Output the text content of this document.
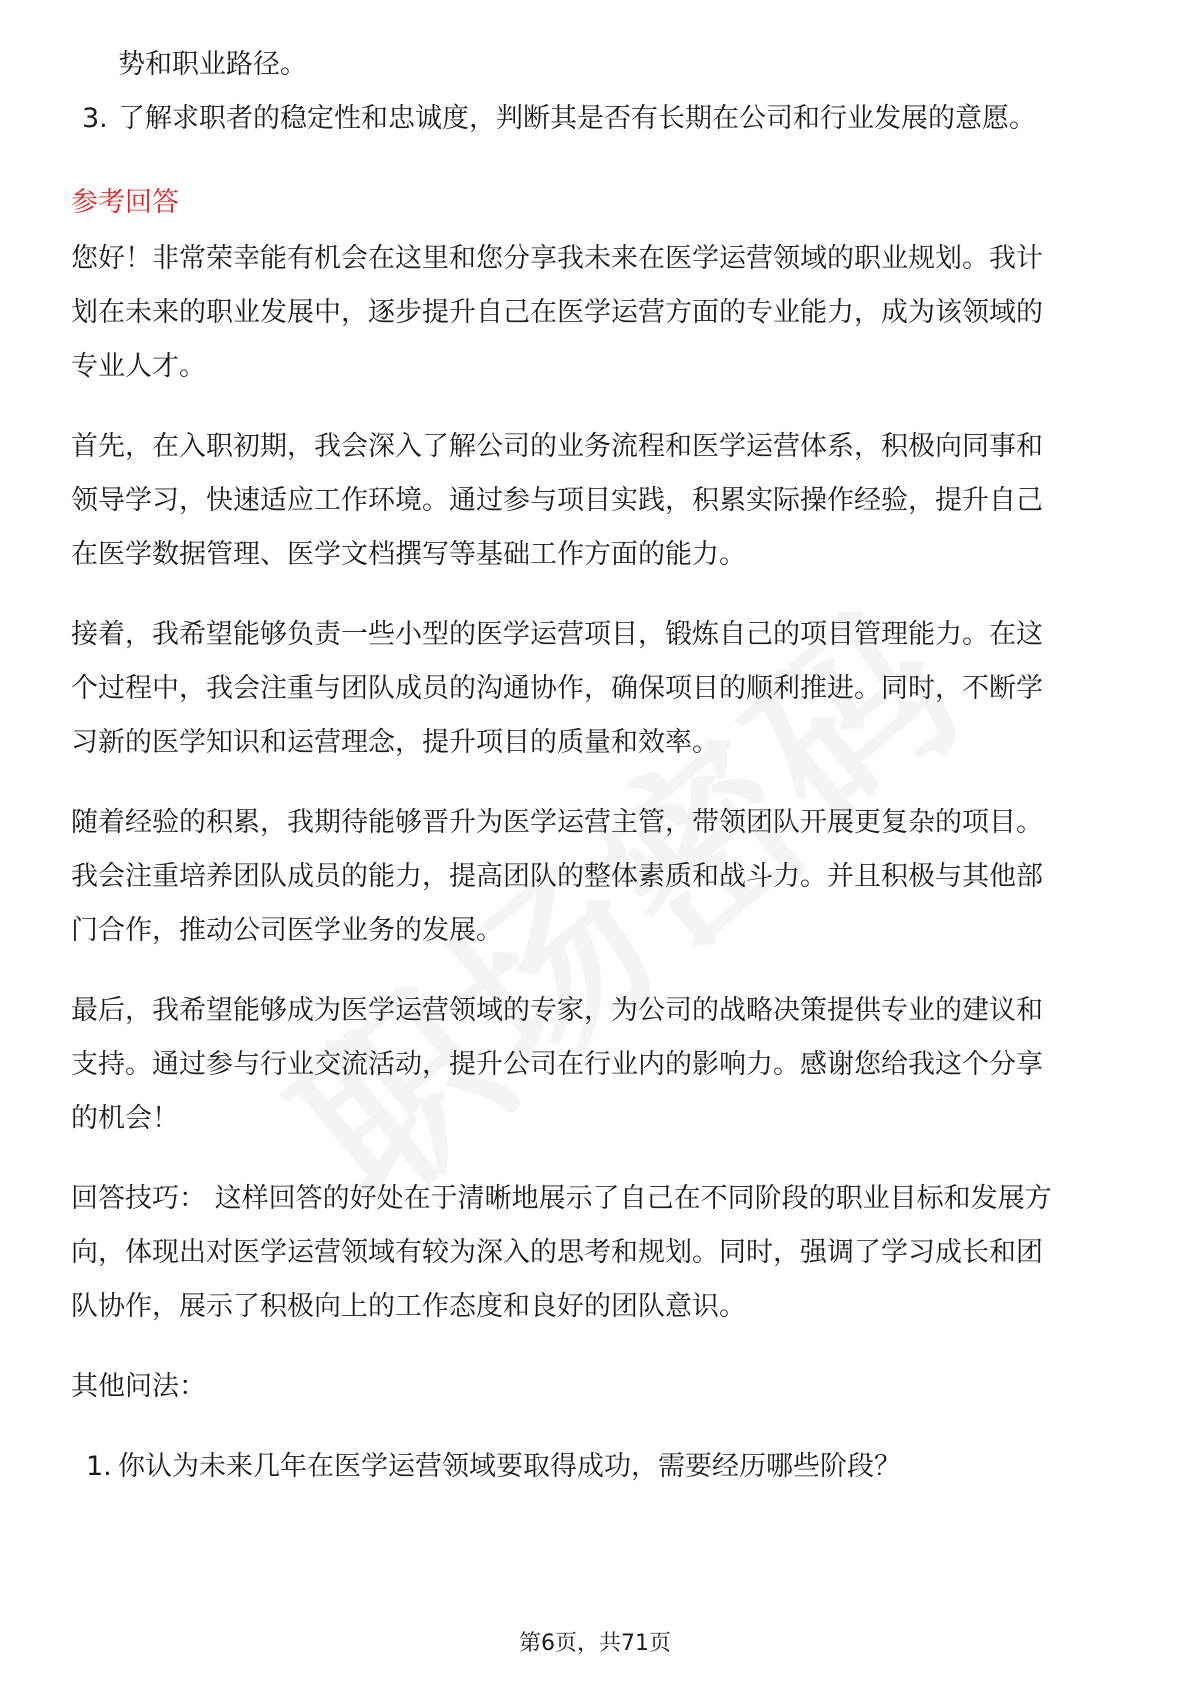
势和职业路径。
3. 了解求职者的稳定性和忠诚度，判断其是否有长期在公司和行业发展的意愿。
参考回答
您好！非常荣幸能有机会在这里和您分享我未来在医学运营领域的职业规划。我计
划在未来的职业发展中，逐步提升自己在医学运营方面的专业能力，成为该领域的
专业人才。
首先，在入职初期，我会深入了解公司的业务流程和医学运营体系，积极向同事和
领导学习，快速适应工作环境。通过参与项目实践，积累实际操作经验，提升自己
在医学数据管理、医学文档撰写等基础工作方面的能力。
接着，我希望能够负责一些小型的医学运营项目，锻炼自己的项目管理能力。在这
个过程中，我会注重与团队成员的沟通协作，确保项目的顺利推进。同时，不断学
习新的医学知识和运营理念，提升项目的质量和效率。
随着经验的积累，我期待能够晋升为医学运营主管，带领团队开展更复杂的项目。
我会注重培养团队成员的能力，提高团队的整体素质和战斗力。并且积极与其他部
门合作，推动公司医学业务的发展。
最后，我希望能够成为医学运营领域的专家，为公司的战略决策提供专业的建议和
支持。通过参与行业交流活动，提升公司在行业内的影响力。感谢您给我这个分享
的机会！
回答技巧： 这样回答的好处在于清晰地展示了自己在不同阶段的职业目标和发展方
向，体现出对医学运营领域有较为深入的思考和规划。同时，强调了学习成长和团
队协作，展示了积极向上的工作态度和良好的团队意识。
其他问法：
1. 你认为未来几年在医学运营领域要取得成功，需要经历哪些阶段？
第6页，共71页
